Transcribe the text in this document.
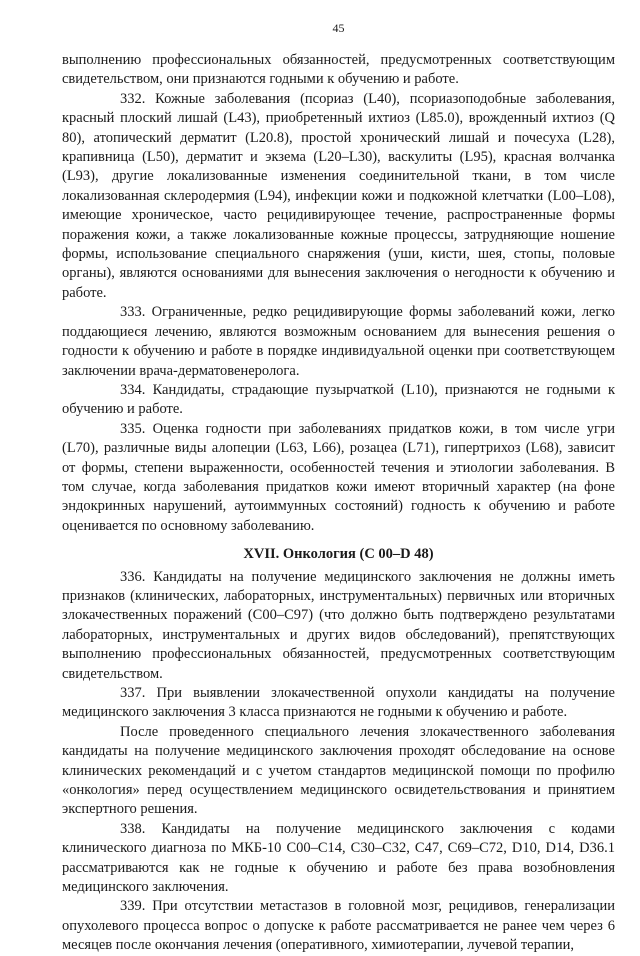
45

выполнению профессиональных обязанностей, предусмотренных соответствующим свидетельством, они признаются годными к обучению и работе.

332. Кожные заболевания (псориаз (L40), псориазоподобные заболевания, красный плоский лишай (L43), приобретенный ихтиоз (L85.0), врожденный ихтиоз (Q 80), атопический дерматит (L20.8), простой хронический лишай и почесуха (L28), крапивница (L50), дерматит и экзема (L20–L30), васкулиты (L95), красная волчанка (L93), другие локализованные изменения соединительной ткани, в том числе локализованная склеродермия (L94), инфекции кожи и подкожной клетчатки (L00–L08), имеющие хроническое, часто рецидивирующее течение, распространенные формы поражения кожи, а также локализованные кожные процессы, затрудняющие ношение формы, использование специального снаряжения (уши, кисти, шея, стопы, половые органы), являются основаниями для вынесения заключения о негодности к обучению и работе.

333. Ограниченные, редко рецидивирующие формы заболеваний кожи, легко поддающиеся лечению, являются возможным основанием для вынесения решения о годности к обучению и работе в порядке индивидуальной оценки при соответствующем заключении врача-дерматовенеролога.

334. Кандидаты, страдающие пузырчаткой (L10), признаются не годными к обучению и работе.

335. Оценка годности при заболеваниях придатков кожи, в том числе угри (L70), различные виды алопеции (L63, L66), розацеа (L71), гипертрихоз (L68), зависит от формы, степени выраженности, особенностей течения и этиологии заболевания. В том случае, когда заболевания придатков кожи имеют вторичный характер (на фоне эндокринных нарушений, аутоиммунных состояний) годность к обучению и работе оценивается по основному заболеванию.

XVII. Онкология (С 00–D 48)

336. Кандидаты на получение медицинского заключения не должны иметь признаков (клинических, лабораторных, инструментальных) первичных или вторичных злокачественных поражений (С00–С97) (что должно быть подтверждено результатами лабораторных, инструментальных и других видов обследований), препятствующих выполнению профессиональных обязанностей, предусмотренных соответствующим свидетельством.

337. При выявлении злокачественной опухоли кандидаты на получение медицинского заключения 3 класса признаются не годными к обучению и работе.

После проведенного специального лечения злокачественного заболевания кандидаты на получение медицинского заключения проходят обследование на основе клинических рекомендаций и с учетом стандартов медицинской помощи по профилю «онкология» перед осуществлением медицинского освидетельствования и принятием экспертного решения.

338. Кандидаты на получение медицинского заключения с кодами клинического диагноза по МКБ-10 С00–С14, С30–С32, С47, С69–С72, D10, D14, D36.1 рассматриваются как не годные к обучению и работе без права возобновления медицинского заключения.

339. При отсутствии метастазов в головной мозг, рецидивов, генерализации опухолевого процесса вопрос о допуске к работе рассматривается не ранее чем через 6 месяцев после окончания лечения (оперативного, химиотерапии, лучевой терапии,
